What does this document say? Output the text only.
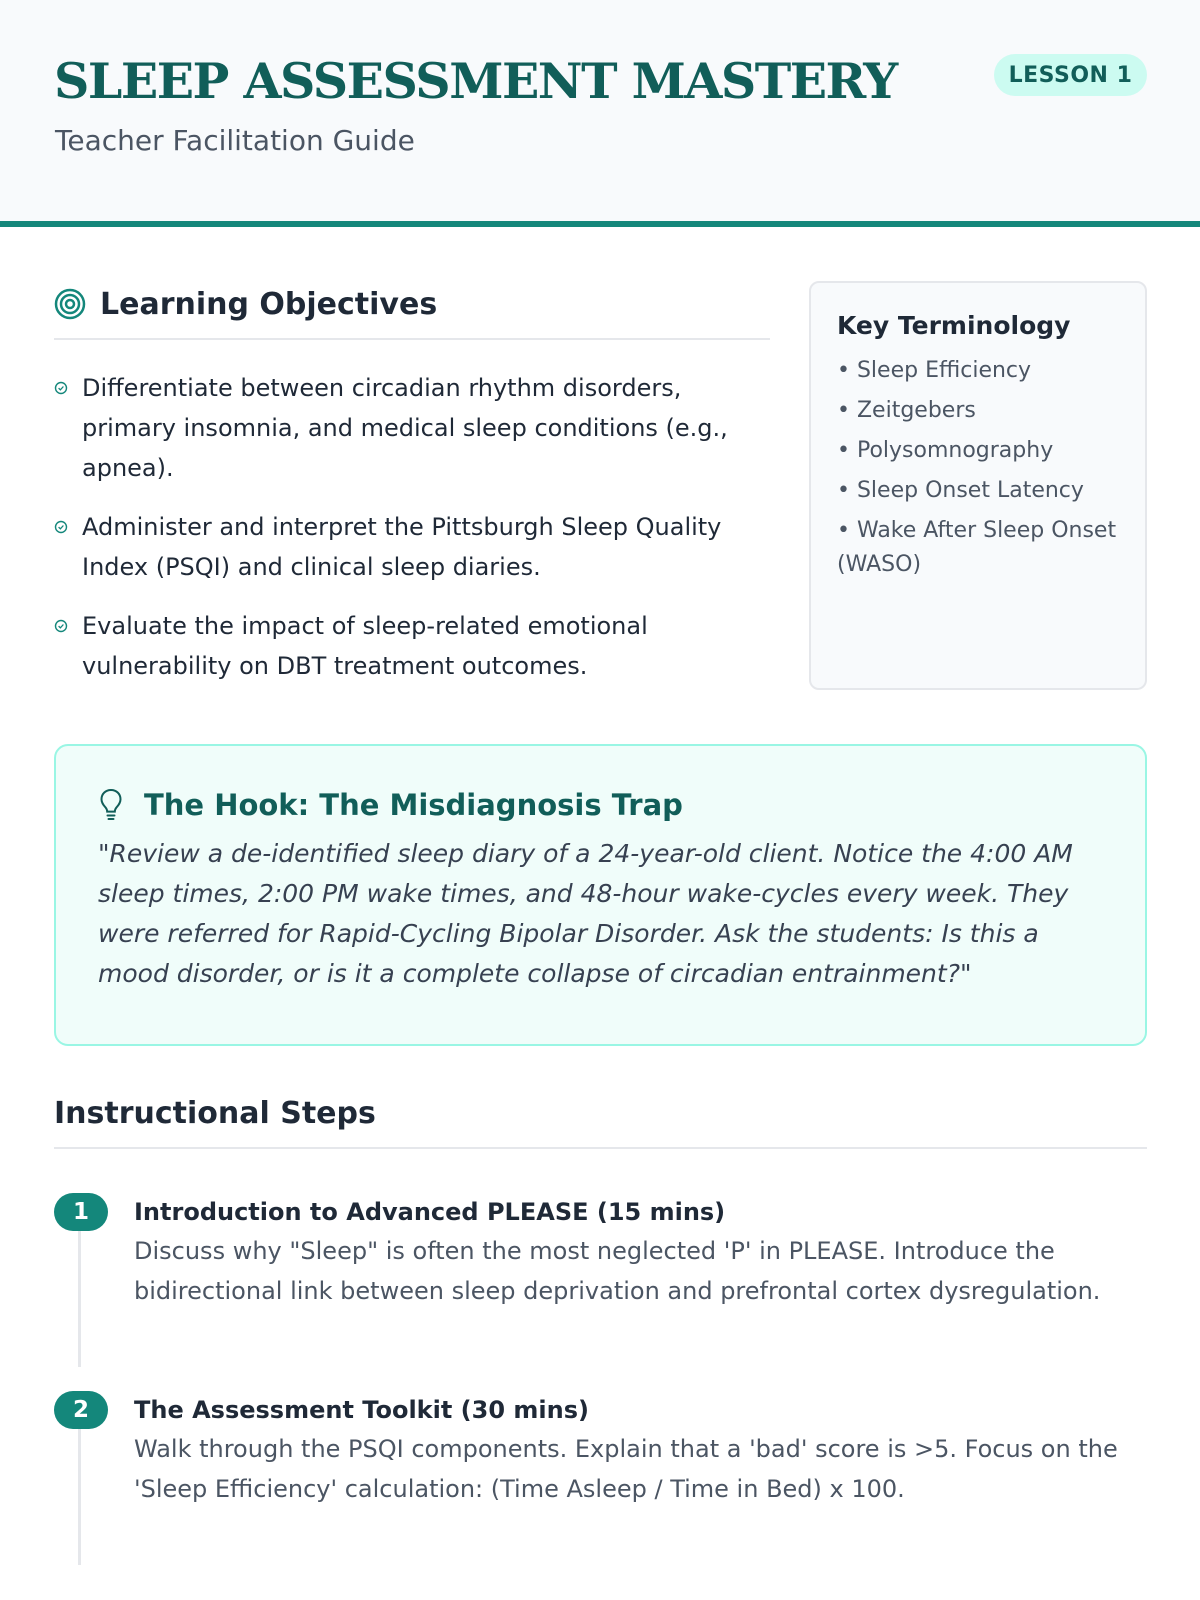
SLEEP ASSESSMENT MASTERY
Teacher Facilitation Guide
LESSON 1
Learning Objectives
Differentiate between circadian rhythm disorders, primary insomnia, and medical sleep conditions (e.g., apnea).
Administer and interpret the Pittsburgh Sleep Quality Index (PSQI) and clinical sleep diaries.
Evaluate the impact of sleep-related emotional vulnerability on DBT treatment outcomes.
Key Terminology
• Sleep Efficiency
• Zeitgebers
• Polysomnography
• Sleep Onset Latency
• Wake After Sleep Onset (WASO)
The Hook: The Misdiagnosis Trap

"Review a de-identified sleep diary of a 24-year-old client. Notice the 4:00 AM sleep times, 2:00 PM wake times, and 48-hour wake-cycles every week. They were referred for Rapid-Cycling Bipolar Disorder. Ask the students: Is this a mood disorder, or is it a complete collapse of circadian entrainment?"

Instructional Steps
1	Introduction to Advanced PLEASE (15 mins)

Discuss why "Sleep" is often the most neglected 'P' in PLEASE. Introduce the bidirectional link between sleep deprivation and prefrontal cortex dysregulation.

2	The Assessment Toolkit (30 mins)

Walk through the PSQI components. Explain that a 'bad' score is >5. Focus on the 'Sleep Efficiency' calculation: (Time Asleep / Time in Bed) x 100.
